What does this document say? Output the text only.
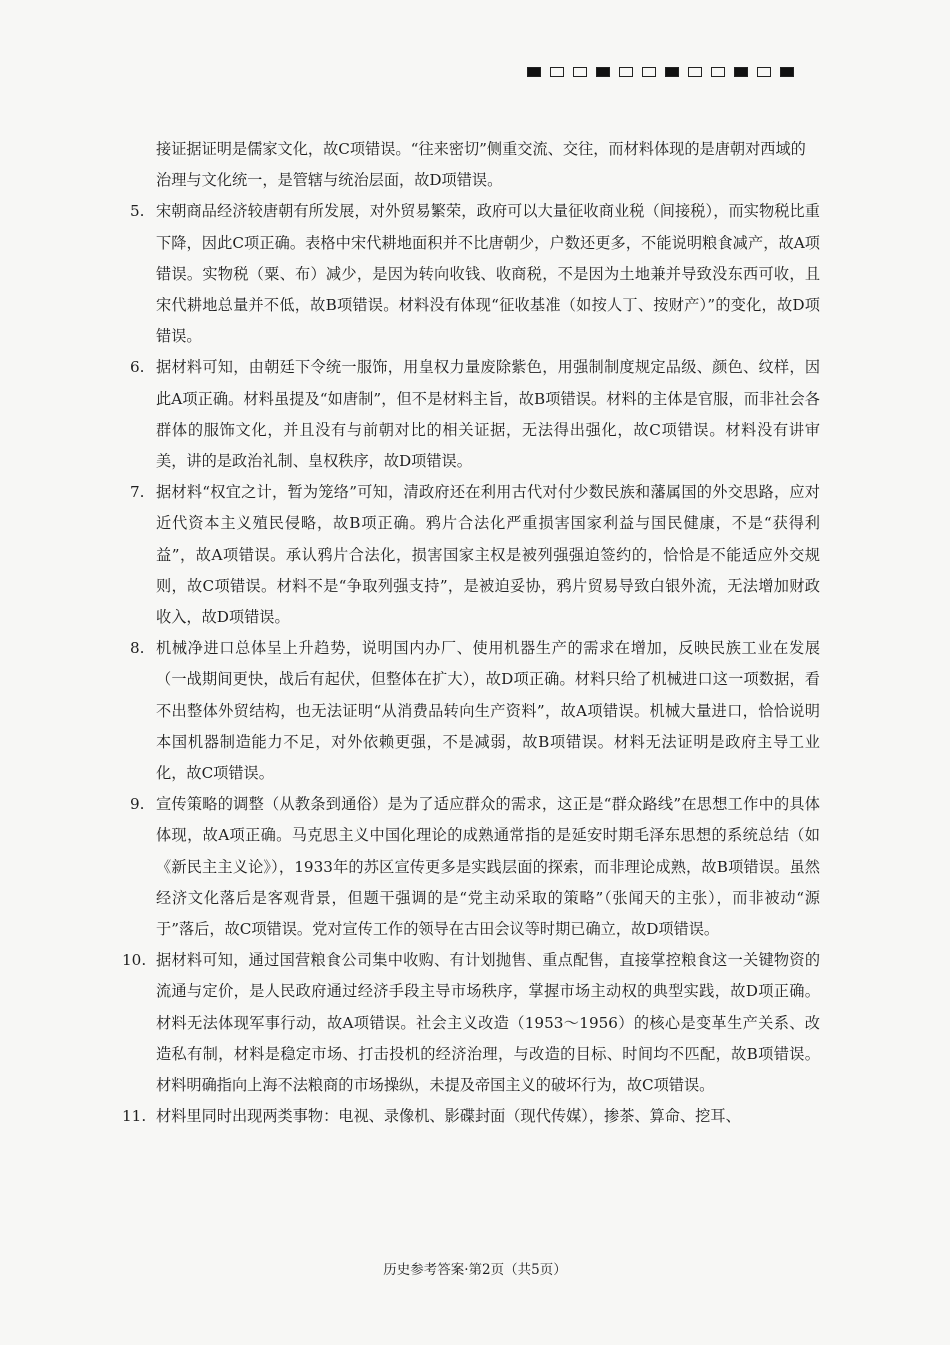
接证据证明是儒家文化，故C项错误。“往来密切”侧重交流、交往，而材料体现的是唐朝对西域的治理与文化统一，是管辖与统治层面，故D项错误。
5. 宋朝商品经济较唐朝有所发展，对外贸易繁荣，政府可以大量征收商业税（间接税），而实物税比重下降，因此C项正确。表格中宋代耕地面积并不比唐朝少，户数还更多，不能说明粮食减产，故A项错误。实物税（粟、布）减少，是因为转向收钱、收商税，不是因为土地兼并导致没东西可收，且宋代耕地总量并不低，故B项错误。材料没有体现“征收基准（如按人丁、按财产）”的变化，故D项错误。
6. 据材料可知，由朝廷下令统一服饰，用皇权力量废除紫色，用强制制度规定品级、颜色、纹样，因此A项正确。材料虽提及“如唐制”，但不是材料主旨，故B项错误。材料的主体是官服，而非社会各群体的服饰文化，并且没有与前朝对比的相关证据，无法得出强化，故C项错误。材料没有讲审美，讲的是政治礼制、皇权秩序，故D项错误。
7. 据材料“权宜之计，暂为笼络”可知，清政府还在利用古代对付少数民族和藩属国的外交思路，应对近代资本主义殖民侵略，故B项正确。鸦片合法化严重损害国家利益与国民健康，不是“获得利益”，故A项错误。承认鸦片合法化，损害国家主权是被列强强迫签约的，恰恰是不能适应外交规则，故C项错误。材料不是“争取列强支持”，是被迫妥协，鸦片贸易导致白银外流，无法增加财政收入，故D项错误。
8. 机械净进口总体呈上升趋势，说明国内办厂、使用机器生产的需求在增加，反映民族工业在发展（一战期间更快，战后有起伏，但整体在扩大），故D项正确。材料只给了机械进口这一项数据，看不出整体外贸结构，也无法证明“从消费品转向生产资料”，故A项错误。机械大量进口，恰恰说明本国机器制造能力不足，对外依赖更强，不是减弱，故B项错误。材料无法证明是政府主导工业化，故C项错误。
9. 宣传策略的调整（从教条到通俗）是为了适应群众的需求，这正是“群众路线”在思想工作中的具体体现，故A项正确。马克思主义中国化理论的成熟通常指的是延安时期毛泽东思想的系统总结（如《新民主主义论》），1933年的苏区宣传更多是实践层面的探索，而非理论成熟，故B项错误。虽然经济文化落后是客观背景，但题干强调的是“党主动采取的策略”（张闻天的主张），而非被动“源于”落后，故C项错误。党对宣传工作的领导在古田会议等时期已确立，故D项错误。
10. 据材料可知，通过国营粮食公司集中收购、有计划抛售、重点配售，直接掌控粮食这一关键物资的流通与定价，是人民政府通过经济手段主导市场秩序，掌握市场主动权的典型实践，故D项正确。材料无法体现军事行动，故A项错误。社会主义改造（1953～1956）的核心是变革生产关系、改造私有制，材料是稳定市场、打击投机的经济治理，与改造的目标、时间均不匹配，故B项错误。材料明确指向上海不法粮商的市场操纵，未提及帝国主义的破坏行为，故C项错误。
11. 材料里同时出现两类事物：电视、录像机、影碟封面（现代传媒），掺茶、算命、挖耳、
历史参考答案·第2页（共5页）
